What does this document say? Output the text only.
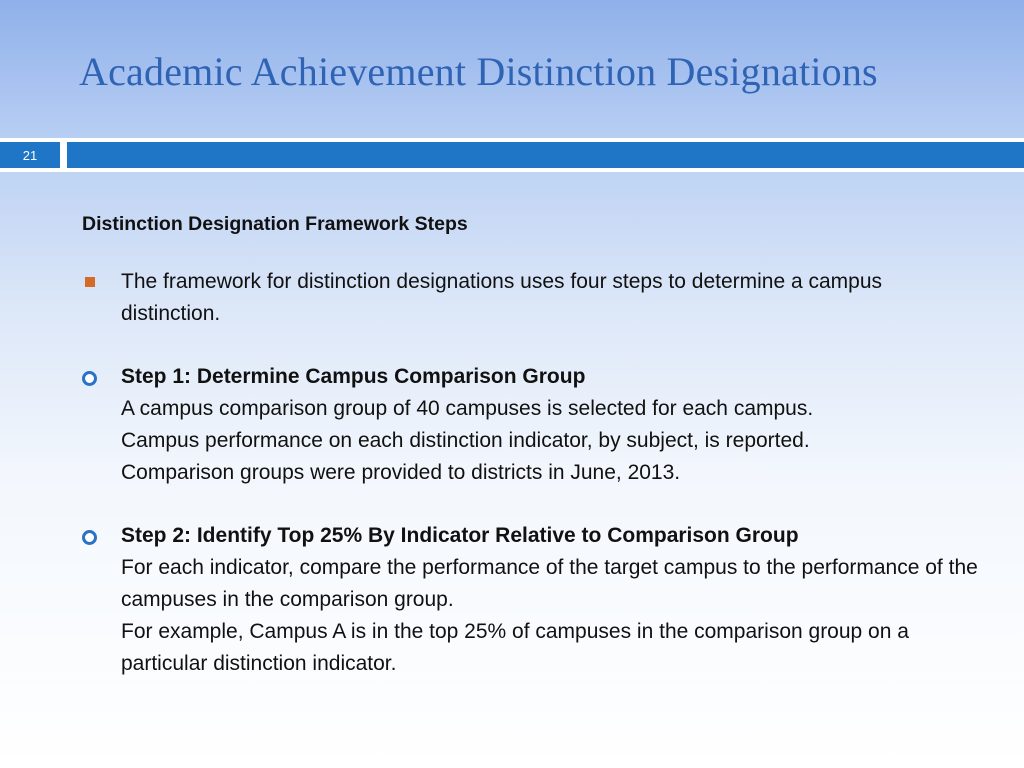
Academic Achievement Distinction Designations
21
Distinction Designation Framework Steps
The framework for distinction designations uses four steps to determine a campus distinction.
Step 1: Determine Campus Comparison Group
A campus comparison group of 40 campuses is selected for each campus.
Campus performance on each distinction indicator, by subject, is reported.
Comparison groups were provided to districts in June, 2013.
Step 2: Identify Top 25% By Indicator Relative to Comparison Group
For each indicator, compare the performance of the target campus to the performance of the campuses in the comparison group.
For example, Campus A is in the top 25% of campuses in the comparison group on a particular distinction indicator.
